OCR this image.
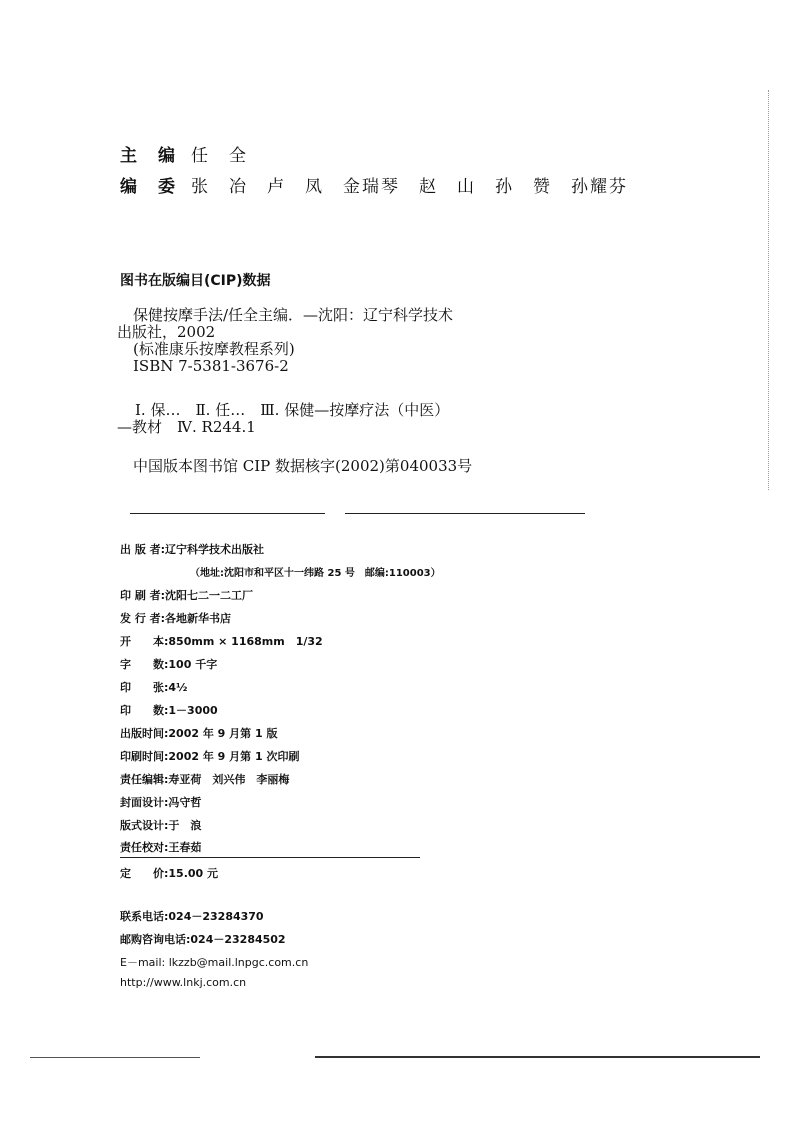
主　编 任　全
编　委 张　冶　 卢　凤　 金瑞琴　 赵　山　 孙　赞　 孙耀芬
图书在版编目(CIP)数据
保健按摩手法/任全主编．—沈阳：辽宁科学技术
出版社，2002
(标准康乐按摩教程系列)
ISBN 7-5381-3676-2
Ⅰ. 保…　Ⅱ. 任…　Ⅲ. 保健—按摩疗法（中医）
—教材　Ⅳ. R244.1
中国版本图书馆 CIP 数据核字(2002)第040033号
出 版 者:辽宁科学技术出版社
（地址:沈阳市和平区十一纬路 25 号　邮编:110003）
印 刷 者:沈阳七二一二工厂
发 行 者:各地新华书店
开　　本:850mm × 1168mm　1/32
字　　数:100 千字
印　　张:4½
印　　数:1－3000
出版时间:2002 年 9 月第 1 版
印刷时间:2002 年 9 月第 1 次印刷
责任编辑:寿亚荷　刘兴伟　李丽梅
封面设计:冯守哲
版式设计:于　浪
责任校对:王春茹
定　　价:15.00 元
联系电话:024－23284370
邮购咨询电话:024－23284502
E－mail: lkzzb@mail.lnpgc.com.cn
http://www.lnkj.com.cn
